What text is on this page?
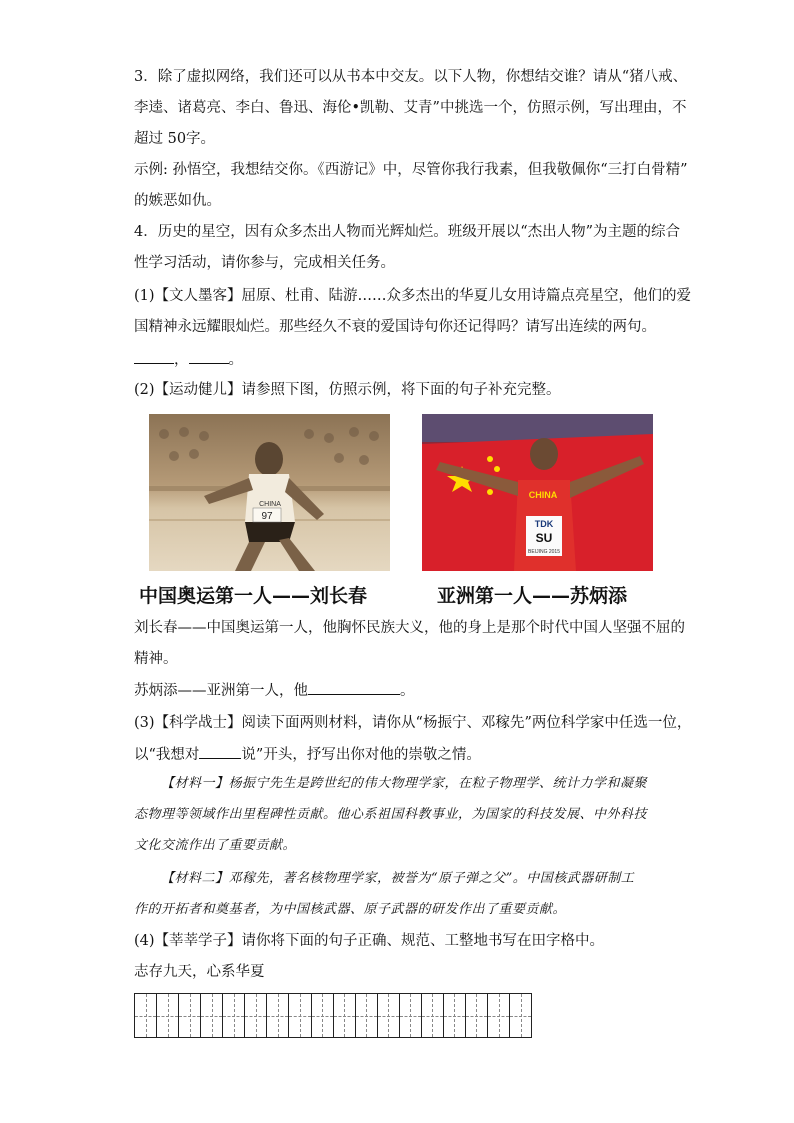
3．除了虚拟网络，我们还可以从书本中交友。以下人物，你想结交谁？请从“猪八戒、
李逵、诸葛亮、李白、鲁迅、海伦•凯勒、艾青”中挑选一个，仿照示例，写出理由，不
超过 50字。
示例: 孙悟空，我想结交你。《西游记》中，尽管你我行我素，但我敬佩你“三打白骨精”
的嫉恶如仇。
4．历史的星空，因有众多杰出人物而光辉灿烂。班级开展以“杰出人物”为主题的综合
性学习活动，请你参与，完成相关任务。
(1)【文人墨客】屈原、杜甫、陆游……众多杰出的华夏儿女用诗篇点亮星空，他们的爱
国精神永远耀眼灿烂。那些经久不衰的爱国诗句你还记得吗？请写出连续的两句。
，	。
(2)【运动健儿】请参照下图，仿照示例，将下面的句子补充完整。
97
CHINA
CHINA
TDK
SU
BEIJING 2015
中国奥运第一人——刘长春	亚洲第一人——苏炳添
刘长春——中国奥运第一人，他胸怀民族大义，他的身上是那个时代中国人坚强不屈的
精神。
苏炳添——亚洲第一人，他	。
(3)【科学战士】阅读下面两则材料，请你从“杨振宁、邓稼先”两位科学家中任选一位，
以“我想对	说”开头，抒写出你对他的崇敬之情。
【材料一】杨振宁先生是跨世纪的伟大物理学家，在粒子物理学、统计力学和凝聚
态物理等领域作出里程碑性贡献。他心系祖国科教事业，为国家的科技发展、中外科技
文化交流作出了重要贡献。
【材料二】邓稼先，著名核物理学家，被誉为“原子弹之父”。中国核武器研制工
作的开拓者和奠基者，为中国核武器、原子武器的研发作出了重要贡献。
(4)【莘莘学子】请你将下面的句子正确、规范、工整地书写在田字格中。
志存九天，心系华夏
